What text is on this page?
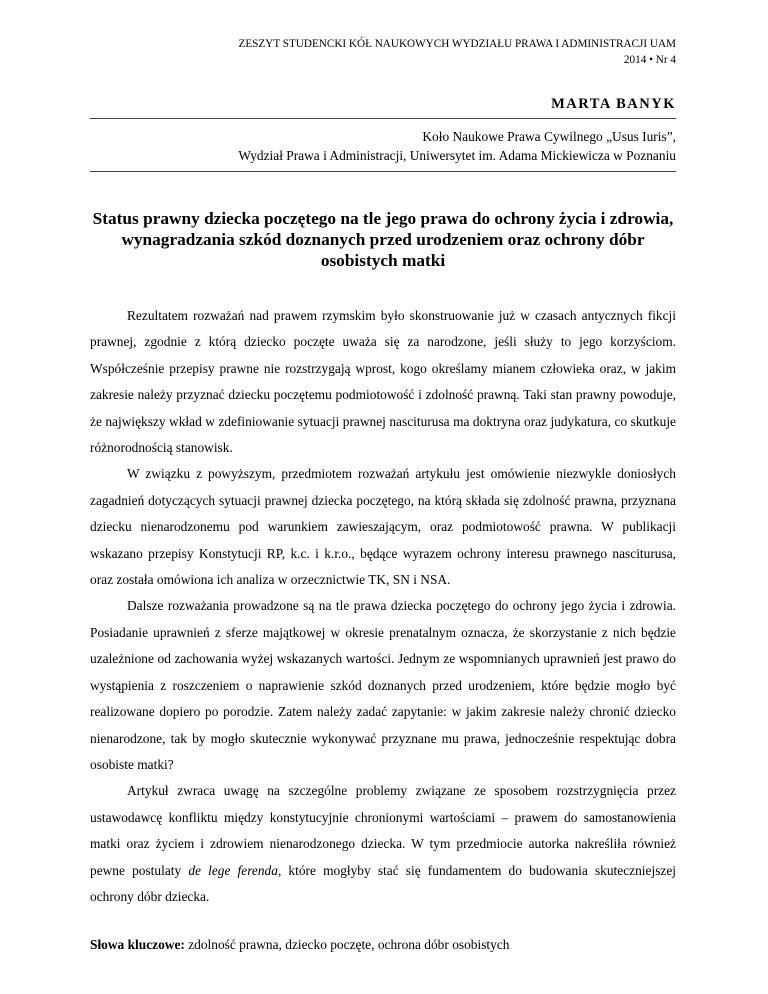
ZESZYT STUDENCKI KÓŁ NAUKOWYCH WYDZIAŁU PRAWA I ADMINISTRACJI UAM
2014 • Nr 4
MARTA BANYK
Koło Naukowe Prawa Cywilnego „Usus Iuris”,
Wydział Prawa i Administracji, Uniwersytet im. Adama Mickiewicza w Poznaniu
Status prawny dziecka poczętego na tle jego prawa do ochrony życia i zdrowia, wynagradzania szkód doznanych przed urodzeniem oraz ochrony dóbr osobistych matki

Rezultatem rozważań nad prawem rzymskim było skonstruowanie już w czasach antycznych fikcji prawnej, zgodnie z którą dziecko poczęte uważa się za narodzone, jeśli służy to jego korzyściom. Współcześnie przepisy prawne nie rozstrzygają wprost, kogo określamy mianem człowieka oraz, w jakim zakresie należy przyznać dziecku poczętemu podmiotowość i zdolność prawną. Taki stan prawny powoduje, że największy wkład w zdefiniowanie sytuacji prawnej nasciturusa ma doktryna oraz judykatura, co skutkuje różnorodnością stanowisk.

W związku z powyższym, przedmiotem rozważań artykułu jest omówienie niezwykle doniosłych zagadnień dotyczących sytuacji prawnej dziecka poczętego, na którą składa się zdolność prawna, przyznana dziecku nienarodzonemu pod warunkiem zawieszającym, oraz podmiotowość prawna. W publikacji wskazano przepisy Konstytucji RP, k.c. i k.r.o., będące wyrazem ochrony interesu prawnego nasciturusa, oraz została omówiona ich analiza w orzecznictwie TK, SN i NSA.

Dalsze rozważania prowadzone są na tle prawa dziecka poczętego do ochrony jego życia i zdrowia. Posiadanie uprawnień z sferze majątkowej w okresie prenatalnym oznacza, że skorzystanie z nich będzie uzależnione od zachowania wyżej wskazanych wartości. Jednym ze wspomnianych uprawnień jest prawo do wystąpienia z roszczeniem o naprawienie szkód doznanych przed urodzeniem, które będzie mogło być realizowane dopiero po porodzie. Zatem należy zadać zapytanie: w jakim zakresie należy chronić dziecko nienarodzone, tak by mogło skutecznie wykonywać przyznane mu prawa, jednocześnie respektując dobra osobiste matki?

Artykuł zwraca uwagę na szczególne problemy związane ze sposobem rozstrzygnięcia przez ustawodawcę konfliktu między konstytucyjnie chronionymi wartościami – prawem do samostanowienia matki oraz życiem i zdrowiem nienarodzonego dziecka. W tym przedmiocie autorka nakreśliła również pewne postulaty de lege ferenda, które mogłyby stać się fundamentem do budowania skuteczniejszej ochrony dóbr dziecka.

Słowa kluczowe: zdolność prawna, dziecko poczęte, ochrona dóbr osobistych
